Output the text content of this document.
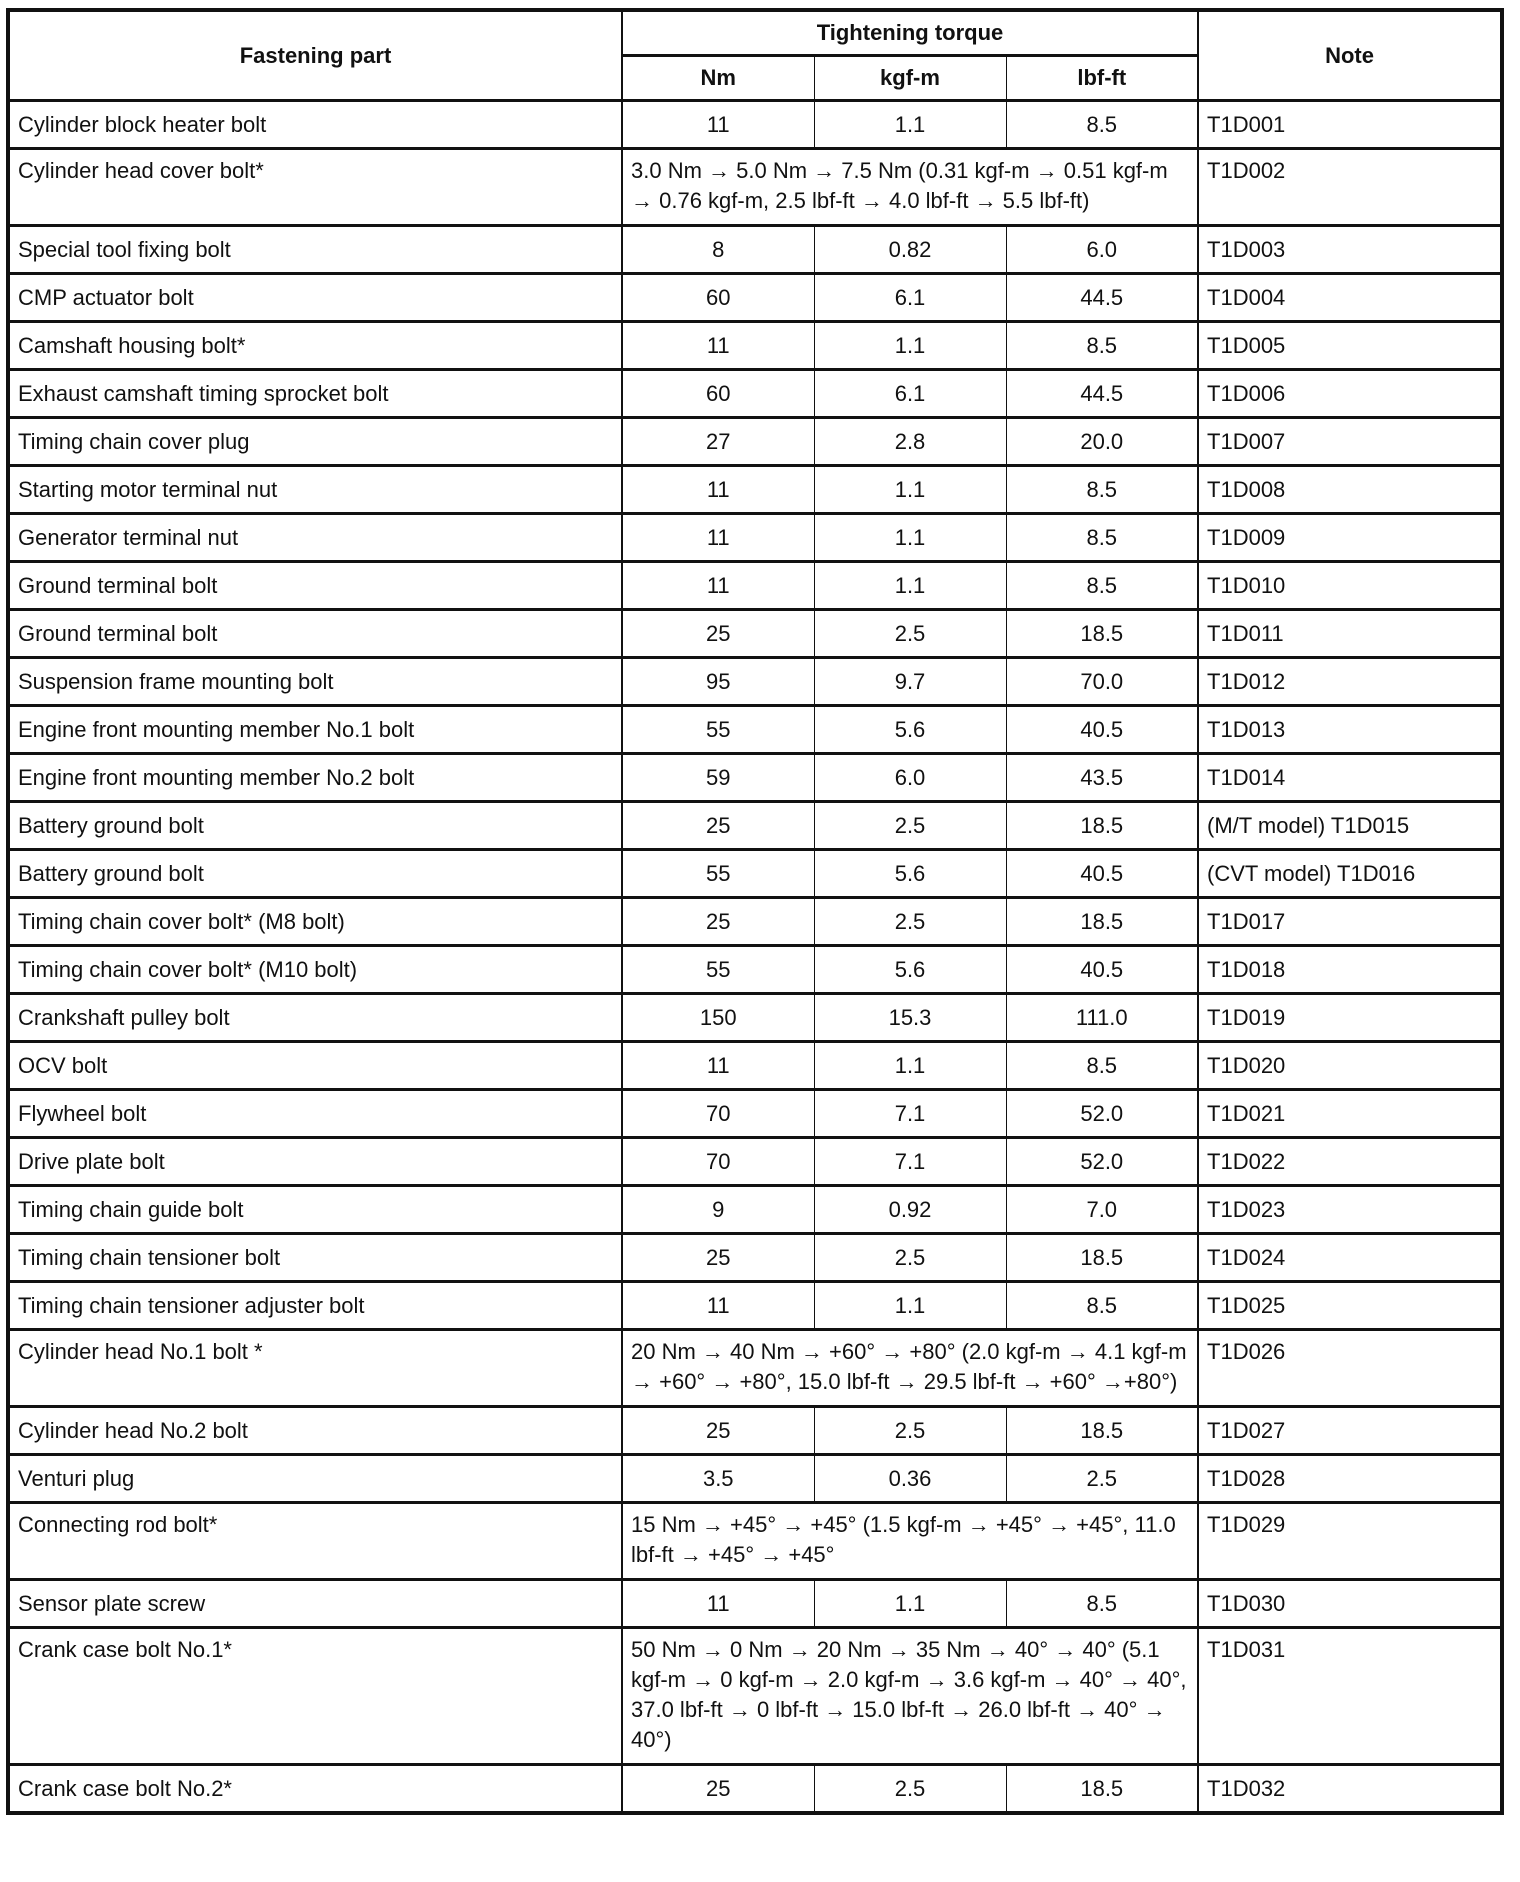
Fastening part	Tightening torque			Note
	Nm	kgf-m	lbf-ft	
Cylinder block heater bolt	11	1.1	8.5	T1D001
Cylinder head cover bolt*	3.0 Nm → 5.0 Nm → 7.5 Nm (0.31 kgf-m → 0.51 kgf-m → 0.76 kgf-m, 2.5 lbf-ft → 4.0 lbf-ft → 5.5 lbf-ft)			T1D002
Special tool fixing bolt	8	0.82	6.0	T1D003
CMP actuator bolt	60	6.1	44.5	T1D004
Camshaft housing bolt*	11	1.1	8.5	T1D005
Exhaust camshaft timing sprocket bolt	60	6.1	44.5	T1D006
Timing chain cover plug	27	2.8	20.0	T1D007
Starting motor terminal nut	11	1.1	8.5	T1D008
Generator terminal nut	11	1.1	8.5	T1D009
Ground terminal bolt	11	1.1	8.5	T1D010
Ground terminal bolt	25	2.5	18.5	T1D011
Suspension frame mounting bolt	95	9.7	70.0	T1D012
Engine front mounting member No.1 bolt	55	5.6	40.5	T1D013
Engine front mounting member No.2 bolt	59	6.0	43.5	T1D014
Battery ground bolt	25	2.5	18.5	(M/T model) T1D015
Battery ground bolt	55	5.6	40.5	(CVT model) T1D016
Timing chain cover bolt* (M8 bolt)	25	2.5	18.5	T1D017
Timing chain cover bolt* (M10 bolt)	55	5.6	40.5	T1D018
Crankshaft pulley bolt	150	15.3	111.0	T1D019
OCV bolt	11	1.1	8.5	T1D020
Flywheel bolt	70	7.1	52.0	T1D021
Drive plate bolt	70	7.1	52.0	T1D022
Timing chain guide bolt	9	0.92	7.0	T1D023
Timing chain tensioner bolt	25	2.5	18.5	T1D024
Timing chain tensioner adjuster bolt	11	1.1	8.5	T1D025
Cylinder head No.1 bolt *	20 Nm → 40 Nm → +60° → +80° (2.0 kgf-m → 4.1 kgf-m → +60° → +80°, 15.0 lbf-ft → 29.5 lbf-ft → +60° →+80°)			T1D026
Cylinder head No.2 bolt	25	2.5	18.5	T1D027
Venturi plug	3.5	0.36	2.5	T1D028
Connecting rod bolt*	15 Nm → +45° → +45° (1.5 kgf-m → +45° → +45°, 11.0 lbf-ft → +45° → +45°			T1D029
Sensor plate screw	11	1.1	8.5	T1D030
Crank case bolt No.1*	50 Nm → 0 Nm → 20 Nm → 35 Nm → 40° → 40° (5.1 kgf-m → 0 kgf-m → 2.0 kgf-m → 3.6 kgf-m → 40° → 40°, 37.0 lbf-ft → 0 lbf-ft → 15.0 lbf-ft → 26.0 lbf-ft → 40° → 40°)			T1D031
Crank case bolt No.2*	25	2.5	18.5	T1D032
